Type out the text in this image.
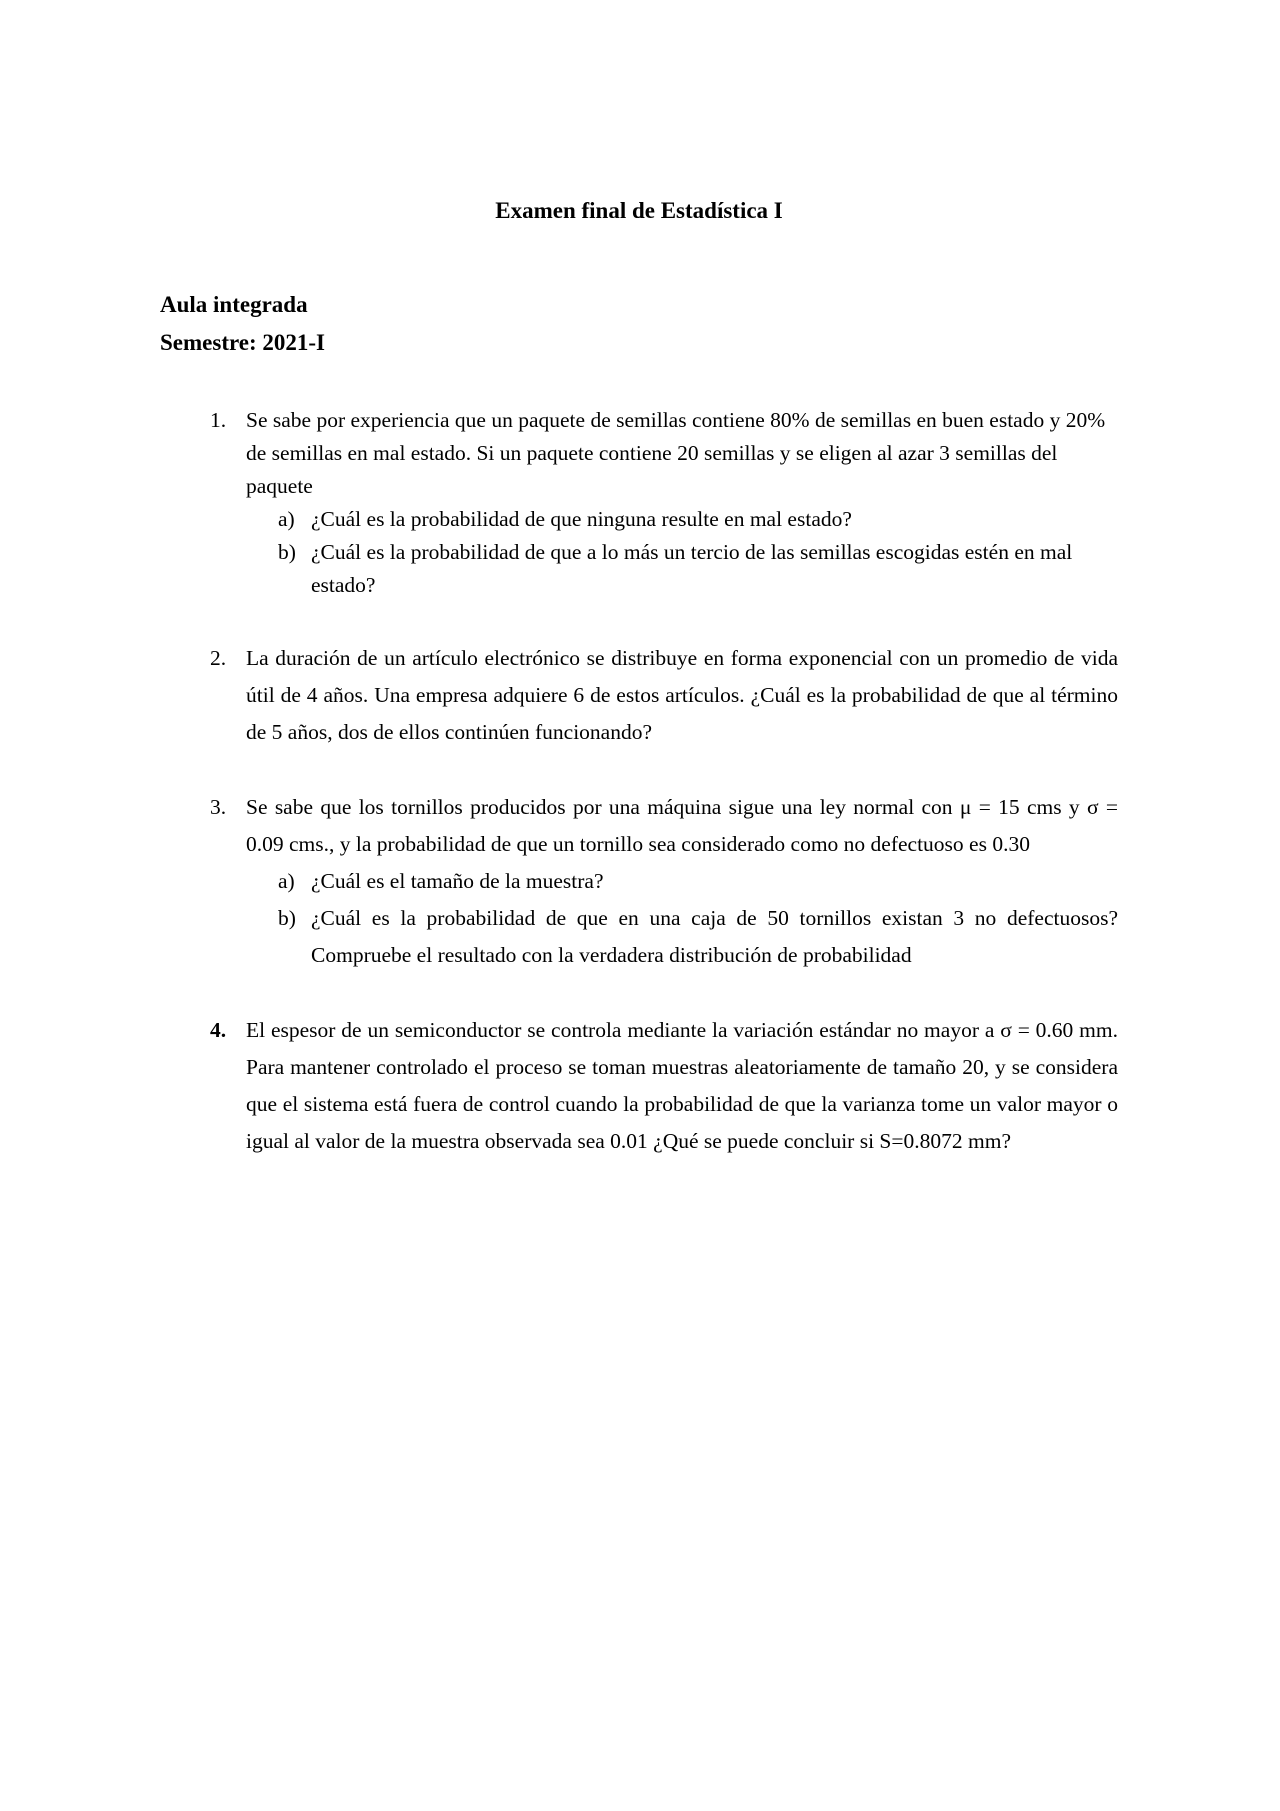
Examen final de Estadística I
Aula integrada
Semestre: 2021-I
1. Se sabe por experiencia que un paquete de semillas contiene 80% de semillas en buen estado y 20% de semillas en mal estado. Si un paquete contiene 20 semillas y se eligen al azar 3 semillas del paquete
a) ¿Cuál es la probabilidad de que ninguna resulte en mal estado?
b) ¿Cuál es la probabilidad de que a lo más un tercio de las semillas escogidas estén en mal estado?
2. La duración de un artículo electrónico se distribuye en forma exponencial con un promedio de vida útil de 4 años. Una empresa adquiere 6 de estos artículos. ¿Cuál es la probabilidad de que al término de 5 años, dos de ellos continúen funcionando?
3. Se sabe que los tornillos producidos por una máquina sigue una ley normal con μ = 15 cms y σ = 0.09 cms., y la probabilidad de que un tornillo sea considerado como no defectuoso es 0.30
a) ¿Cuál es el tamaño de la muestra?
b) ¿Cuál es la probabilidad de que en una caja de 50 tornillos existan 3 no defectuosos? Compruebe el resultado con la verdadera distribución de probabilidad
4. El espesor de un semiconductor se controla mediante la variación estándar no mayor a σ = 0.60 mm. Para mantener controlado el proceso se toman muestras aleatoriamente de tamaño 20, y se considera que el sistema está fuera de control cuando la probabilidad de que la varianza tome un valor mayor o igual al valor de la muestra observada sea 0.01 ¿Qué se puede concluir si S=0.8072 mm?
